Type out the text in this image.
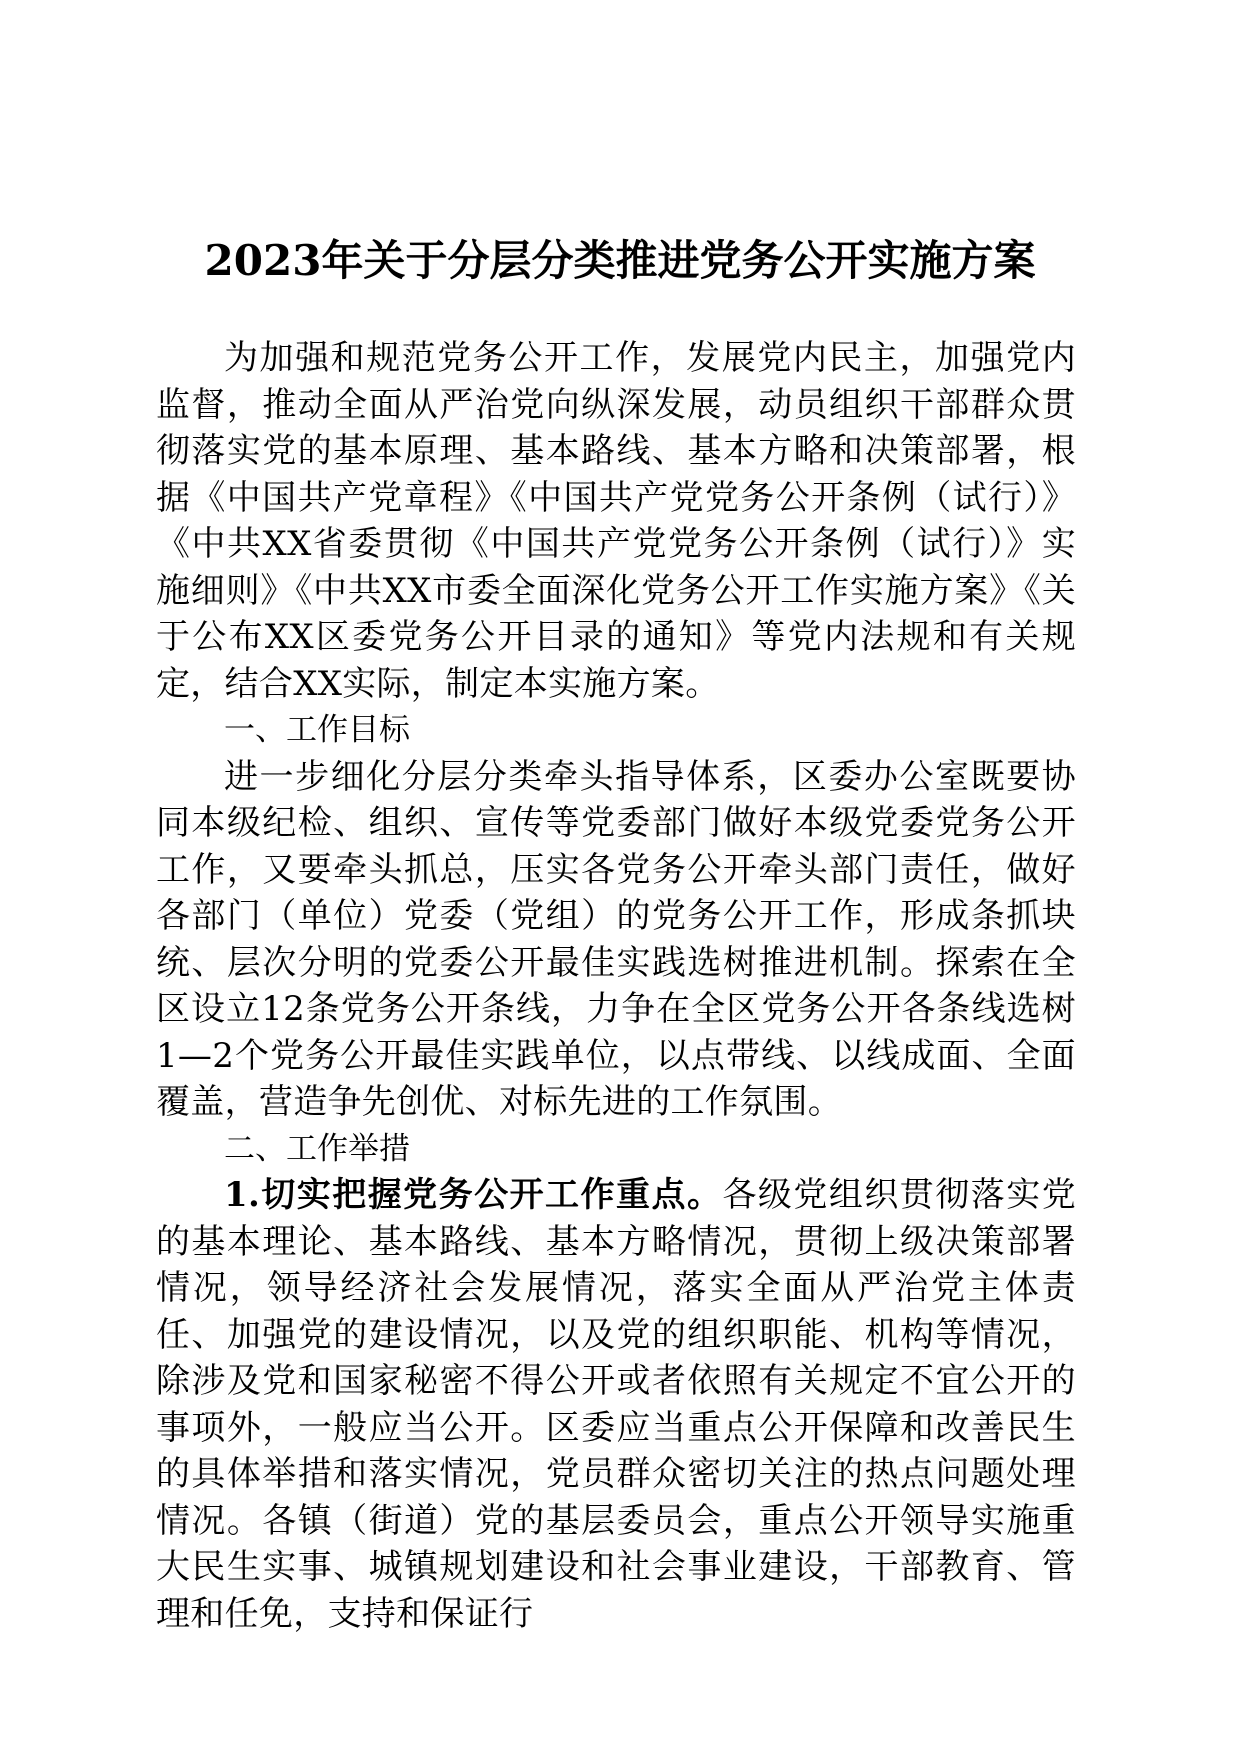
2023年关于分层分类推进党务公开实施方案

为加强和规范党务公开工作，发展党内民主，加强党内监督，推动全面从严治党向纵深发展，动员组织干部群众贯彻落实党的基本原理、基本路线、基本方略和决策部署，根据《中国共产党章程》《中国共产党党务公开条例（试行）》《中共XX省委贯彻《中国共产党党务公开条例（试行）》实施细则》《中共XX市委全面深化党务公开工作实施方案》《关于公布XX区委党务公开目录的通知》等党内法规和有关规定，结合XX实际，制定本实施方案。

一、工作目标

进一步细化分层分类牵头指导体系，区委办公室既要协同本级纪检、组织、宣传等党委部门做好本级党委党务公开工作，又要牵头抓总，压实各党务公开牵头部门责任，做好各部门（单位）党委（党组）的党务公开工作，形成条抓块统、层次分明的党委公开最佳实践选树推进机制。探索在全区设立12条党务公开条线，力争在全区党务公开各条线选树1—2个党务公开最佳实践单位，以点带线、以线成面、全面覆盖，营造争先创优、对标先进的工作氛围。

二、工作举措

1.切实把握党务公开工作重点。各级党组织贯彻落实党的基本理论、基本路线、基本方略情况，贯彻上级决策部署情况，领导经济社会发展情况，落实全面从严治党主体责任、加强党的建设情况，以及党的组织职能、机构等情况，除涉及党和国家秘密不得公开或者依照有关规定不宜公开的事项外，一般应当公开。区委应当重点公开保障和改善民生的具体举措和落实情况，党员群众密切关注的热点问题处理情况。各镇（街道）党的基层委员会，重点公开领导实施重大民生实事、城镇规划建设和社会事业建设，干部教育、管理和任免，支持和保证行
